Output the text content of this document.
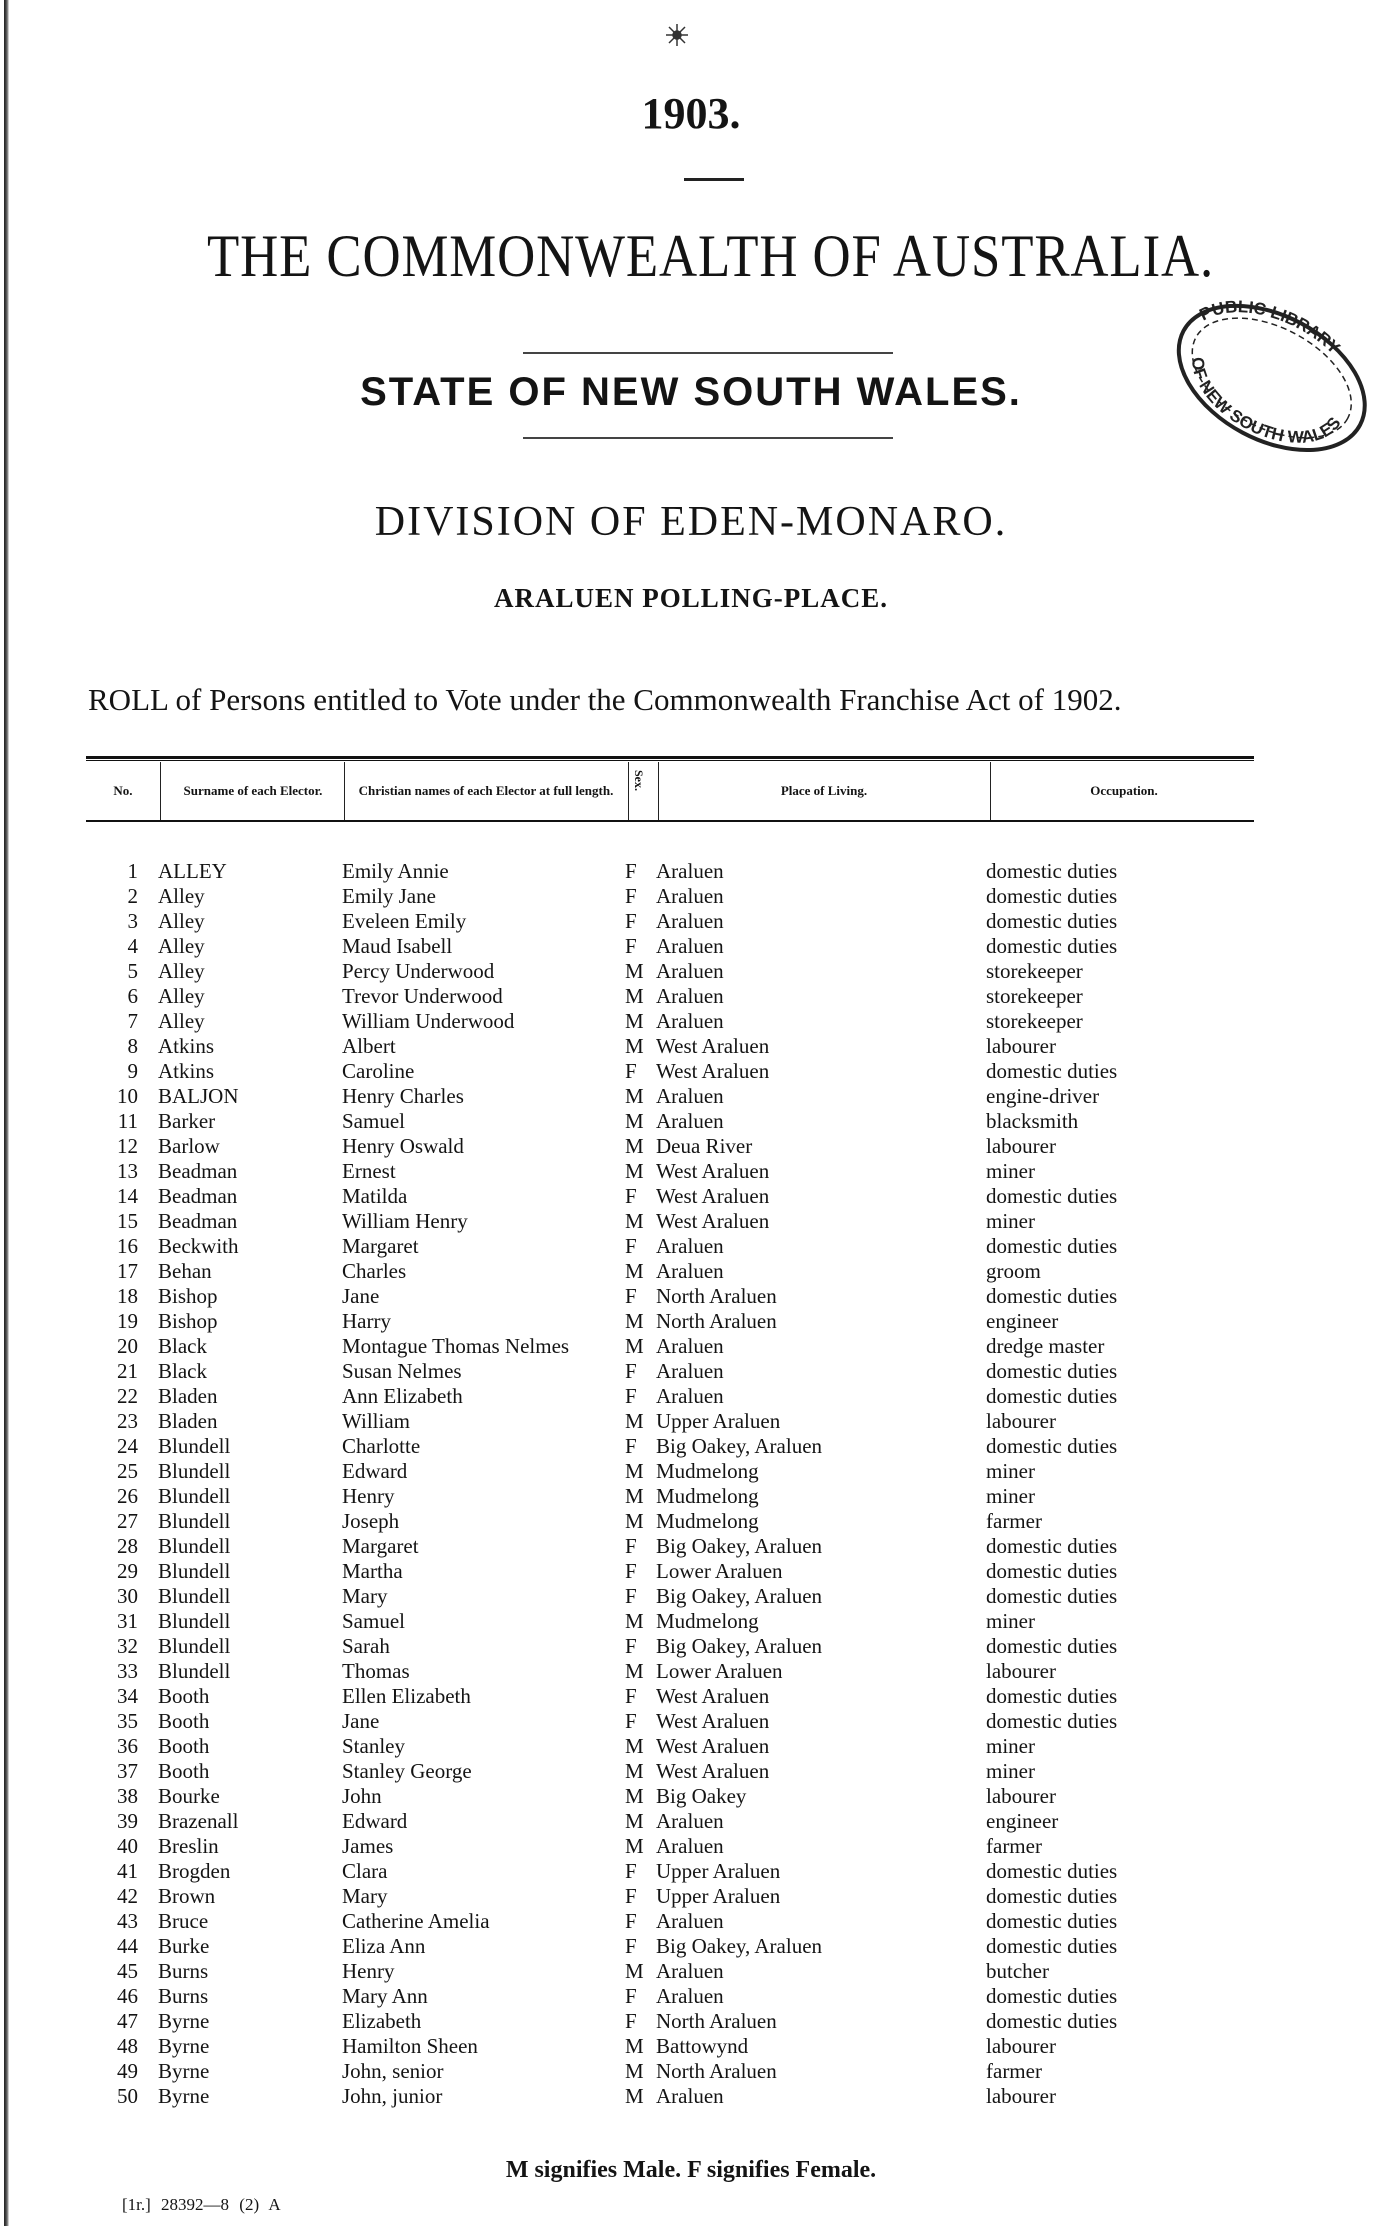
1903.
THE COMMONWEALTH OF AUSTRALIA.
STATE OF NEW SOUTH WALES.
DIVISION OF EDEN-MONARO.
ARALUEN POLLING-PLACE.
ROLL of Persons entitled to Vote under the Commonwealth Franchise Act of 1902.
PUBLIC LIBRARY
OF NEW SOUTH WALES
No.	Surname of each Elector.	Christian names of each Elector at full length.	Sex.	Place of Living.	Occupation.
1 ALLEY	Emily Annie	F Araluen	domestic duties
2 Alley	Emily Jane	F Araluen	domestic duties
3 Alley	Eveleen Emily	F Araluen	domestic duties
4 Alley	Maud Isabell	F Araluen	domestic duties
5 Alley	Percy Underwood	M Araluen	storekeeper
6 Alley	Trevor Underwood	M Araluen	storekeeper
7 Alley	William Underwood	M Araluen	storekeeper
8 Atkins	Albert	M West Araluen	labourer
9 Atkins	Caroline	F West Araluen	domestic duties
10 BALJON	Henry Charles	M Araluen	engine-driver
11 Barker	Samuel	M Araluen	blacksmith
12 Barlow	Henry Oswald	M Deua River	labourer
13 Beadman	Ernest	M West Araluen	miner
14 Beadman	Matilda	F West Araluen	domestic duties
15 Beadman	William Henry	M West Araluen	miner
16 Beckwith	Margaret	F Araluen	domestic duties
17 Behan	Charles	M Araluen	groom
18 Bishop	Jane	F North Araluen	domestic duties
19 Bishop	Harry	M North Araluen	engineer
20 Black	Montague Thomas Nelmes	M Araluen	dredge master
21 Black	Susan Nelmes	F Araluen	domestic duties
22 Bladen	Ann Elizabeth	F Araluen	domestic duties
23 Bladen	William	M Upper Araluen	labourer
24 Blundell	Charlotte	F Big Oakey, Araluen	domestic duties
25 Blundell	Edward	M Mudmelong	miner
26 Blundell	Henry	M Mudmelong	miner
27 Blundell	Joseph	M Mudmelong	farmer
28 Blundell	Margaret	F Big Oakey, Araluen	domestic duties
29 Blundell	Martha	F Lower Araluen	domestic duties
30 Blundell	Mary	F Big Oakey, Araluen	domestic duties
31 Blundell	Samuel	M Mudmelong	miner
32 Blundell	Sarah	F Big Oakey, Araluen	domestic duties
33 Blundell	Thomas	M Lower Araluen	labourer
34 Booth	Ellen Elizabeth	F West Araluen	domestic duties
35 Booth	Jane	F West Araluen	domestic duties
36 Booth	Stanley	M West Araluen	miner
37 Booth	Stanley George	M West Araluen	miner
38 Bourke	John	M Big Oakey	labourer
39 Brazenall	Edward	M Araluen	engineer
40 Breslin	James	M Araluen	farmer
41 Brogden	Clara	F Upper Araluen	domestic duties
42 Brown	Mary	F Upper Araluen	domestic duties
43 Bruce	Catherine Amelia	F Araluen	domestic duties
44 Burke	Eliza Ann	F Big Oakey, Araluen	domestic duties
45 Burns	Henry	M Araluen	butcher
46 Burns	Mary Ann	F Araluen	domestic duties
47 Byrne	Elizabeth	F North Araluen	domestic duties
48 Byrne	Hamilton Sheen	M Battowynd	labourer
49 Byrne	John, senior	M North Araluen	farmer
50 Byrne	John, junior	M Araluen	labourer
M signifies Male. F signifies Female.
[1r.] 28392—8 (2) A
